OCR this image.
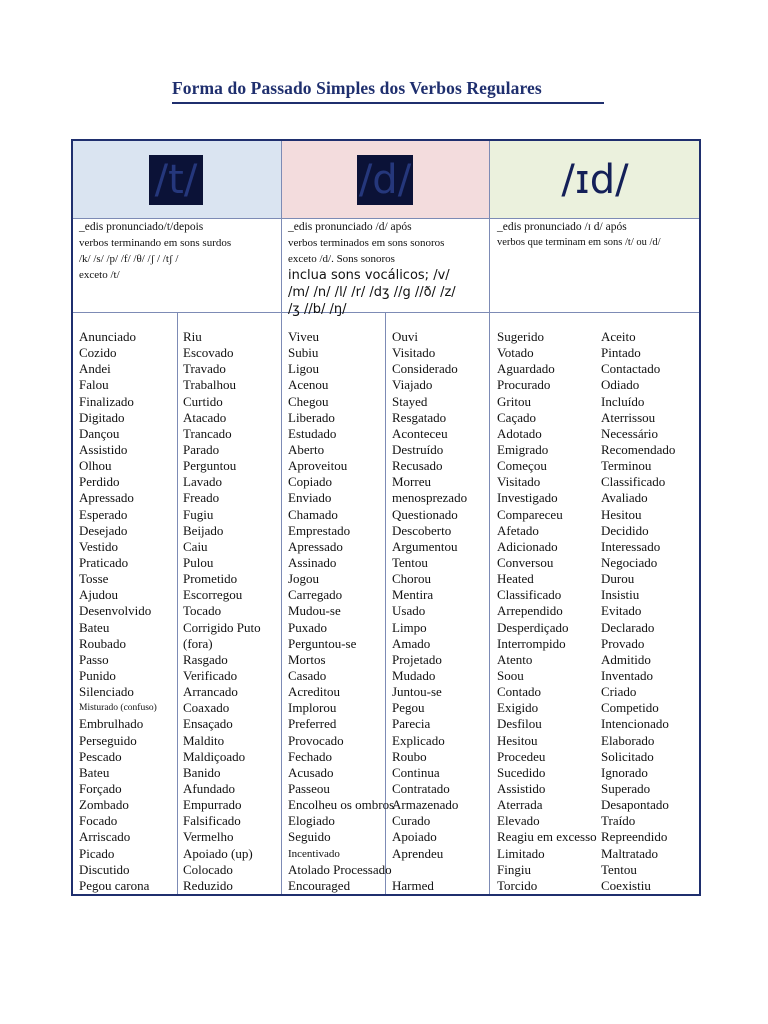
Forma do Passado Simples dos Verbos Regulares
/t/	/d/	/ɪd/
_edis pronunciado/t/depois
verbos terminando em sons surdos
/k/ /s/ /p/ /f/ /θ/ /ʃ / /tʃ /
exceto /t/
_edis pronunciado /d/ após
verbos terminados em sons sonoros
exceto /d/. Sons sonoros
inclua sons vocálicos; /v/
/m/ /n/ /l/ /r/ /dʒ //g //ð/ /z/
/ʒ //b/ /ŋ/
_edis pronunciado /ɪ d/ após
verbos que terminam em sons /t/ ou /d/
Anunciado
Cozido
Andei
Falou
Finalizado
Digitado
Dançou
Assistido
Olhou
Perdido
Apressado
Esperado
Desejado
Vestido
Praticado
Tosse
Ajudou
Desenvolvido
Bateu
Roubado
Passo
Punido
Silenciado
Misturado (confuso)
Embrulhado
Perseguido
Pescado
Bateu
Forçado
Zombado
Focado
Arriscado
Picado
Discutido
Pegou carona
Riu
Escovado
Travado
Trabalhou
Curtido
Atacado
Trancado
Parado
Perguntou
Lavado
Freado
Fugiu
Beijado
Caiu
Pulou
Prometido
Escorregou
Tocado
Corrigido Puto
(fora)
Rasgado
Verificado
Arrancado
Coaxado
Ensaçado
Maldito
Maldiçoado
Banido
Afundado
Empurrado
Falsificado
Vermelho
Apoiado (up)
Colocado
Reduzido
Viveu
Subiu
Ligou
Acenou
Chegou
Liberado
Estudado
Aberto
Aproveitou
Copiado
Enviado
Chamado
Emprestado
Apressado
Assinado
Jogou
Carregado
Mudou-se
Puxado
Perguntou-se
Mortos
Casado
Acreditou
Implorou
Preferred
Provocado
Fechado
Acusado
Passeou
Encolheu os ombros
Elogiado
Seguido
Incentivado
Atolado Processado
Encouraged
Ouvi
Visitado
Considerado
Viajado
Stayed
Resgatado
Aconteceu
Destruído
Recusado
Morreu
menosprezado
Questionado
Descoberto
Argumentou
Tentou
Chorou
Mentira
Usado
Limpo
Amado
Projetado
Mudado
Juntou-se
Pegou
Parecia
Explicado
Roubo
Continua
Contratado
Armazenado
Curado
Apoiado
Aprendeu
Harmed
Sugerido
Votado
Aguardado
Procurado
Gritou
Caçado
Adotado
Emigrado
Começou
Visitado
Investigado
Compareceu
Afetado
Adicionado
Conversou
Heated
Classificado
Arrependido
Desperdiçado
Interrompido
Atento
Soou
Contado
Exigido
Desfilou
Hesitou
Procedeu
Sucedido
Assistido
Aterrada
Elevado
Reagiu em excesso
Limitado
Fingiu
Torcido
Aceito
Pintado
Contactado
Odiado
Incluído
Aterrissou
Necessário
Recomendado
Terminou
Classificado
Avaliado
Hesitou
Decidido
Interessado
Negociado
Durou
Insistiu
Evitado
Declarado
Provado
Admitido
Inventado
Criado
Competido
Intencionado
Elaborado
Solicitado
Ignorado
Superado
Desapontado
Traído
Repreendido
Maltratado
Tentou
Coexistiu
